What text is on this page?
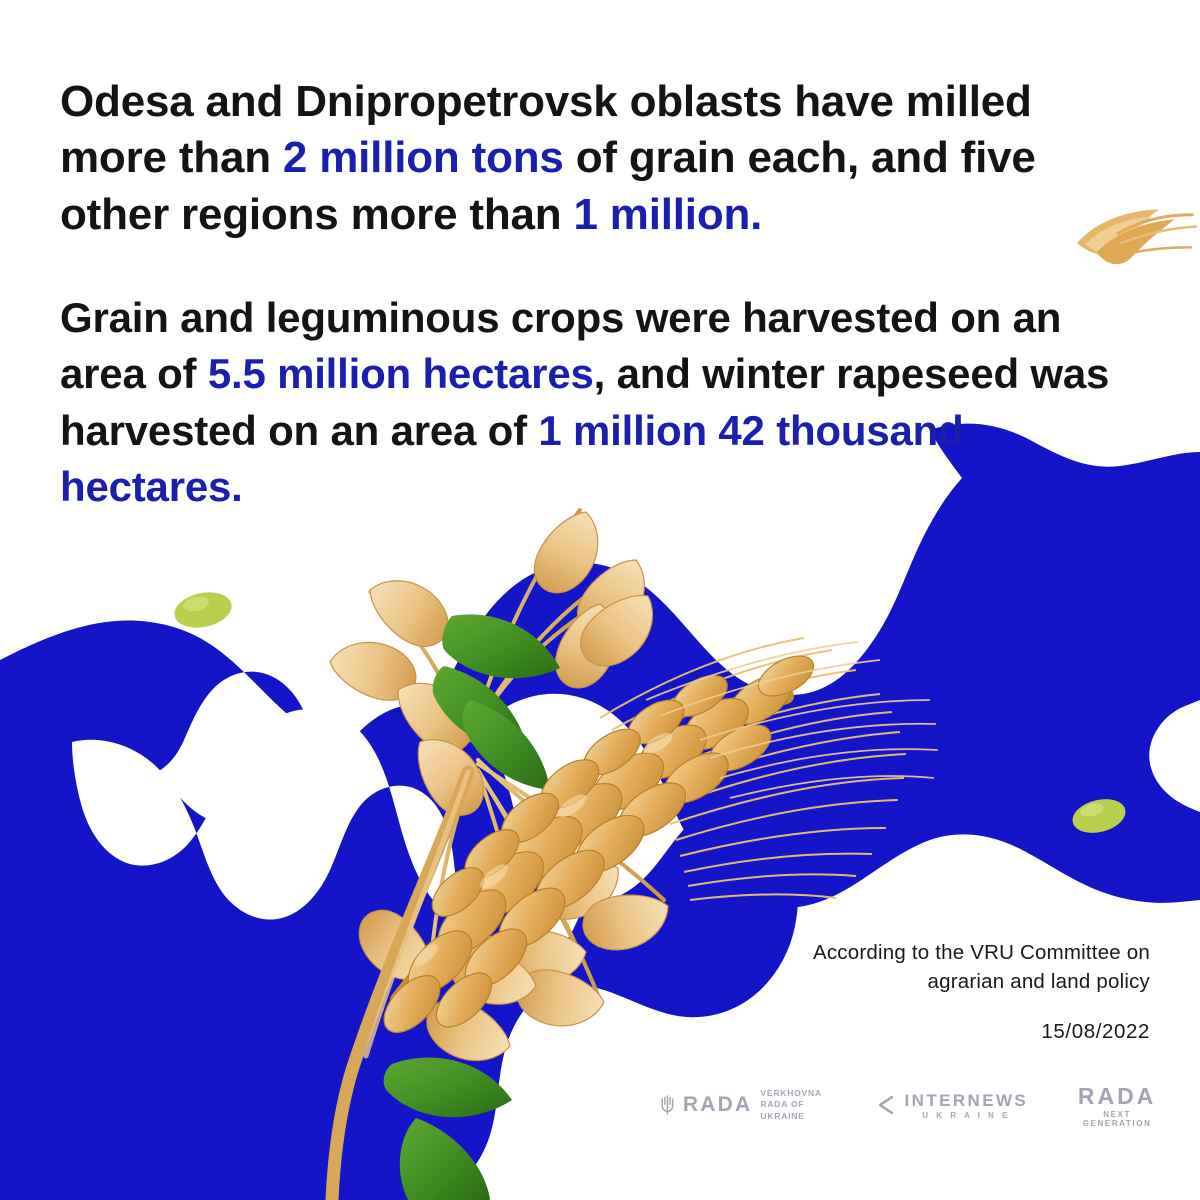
Odesa and Dnipropetrovsk oblasts have milled more than 2 million tons of grain each, and five other regions more than 1 million.
Grain and leguminous crops were harvested on an area of 5.5 million hectares, and winter rapeseed was harvested on an area of 1 million 42 thousand hectares.
According to the VRU Committee on
agrarian and land policy
15/08/2022
RADA VERKHOVNA
RADA OF UKRAINE
INTERNEWS
U K R A I N E
RADA
NEXT GENERATION
